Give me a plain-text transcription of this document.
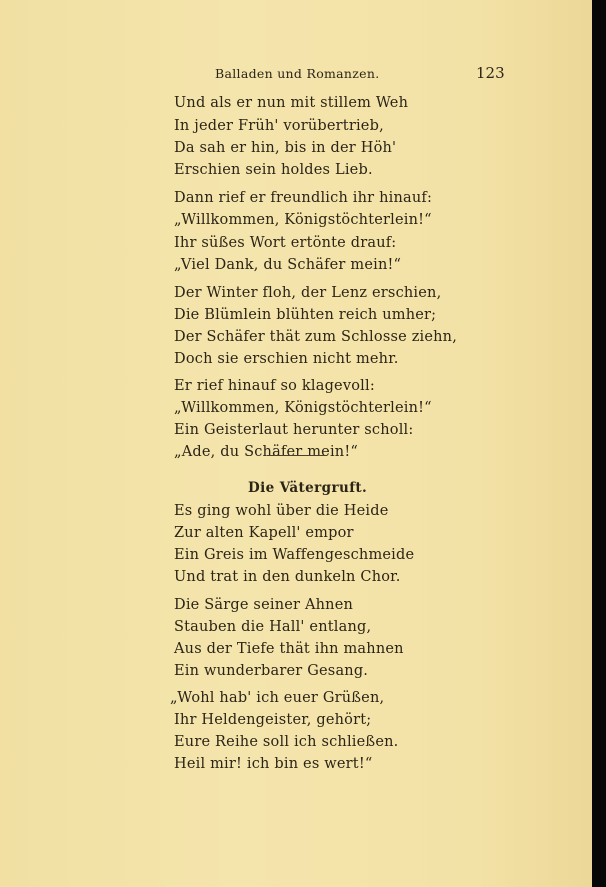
Balladen und Romanzen.	123
Und als er nun mit stillem Weh
In jeder Früh' vorübertrieb,
Da sah er hin, bis in der Höh'
Erschien sein holdes Lieb.
Dann rief er freundlich ihr hinauf:
„Willkommen, Königstöchterlein!“
Ihr süßes Wort ertönte drauf:
„Viel Dank, du Schäfer mein!“
Der Winter floh, der Lenz erschien,
Die Blümlein blühten reich umher;
Der Schäfer thät zum Schlosse ziehn,
Doch sie erschien nicht mehr.
Er rief hinauf so klagevoll:
„Willkommen, Königstöchterlein!“
Ein Geisterlaut herunter scholl:
„Ade, du Schäfer mein!“
Die Vätergruft.
Es ging wohl über die Heide
Zur alten Kapell' empor
Ein Greis im Waffengeschmeide
Und trat in den dunkeln Chor.
Die Särge seiner Ahnen
Stauben die Hall' entlang,
Aus der Tiefe thät ihn mahnen
Ein wunderbarer Gesang.
„Wohl hab' ich euer Grüßen,
Ihr Heldengeister, gehört;
Eure Reihe soll ich schließen.
Heil mir! ich bin es wert!“
